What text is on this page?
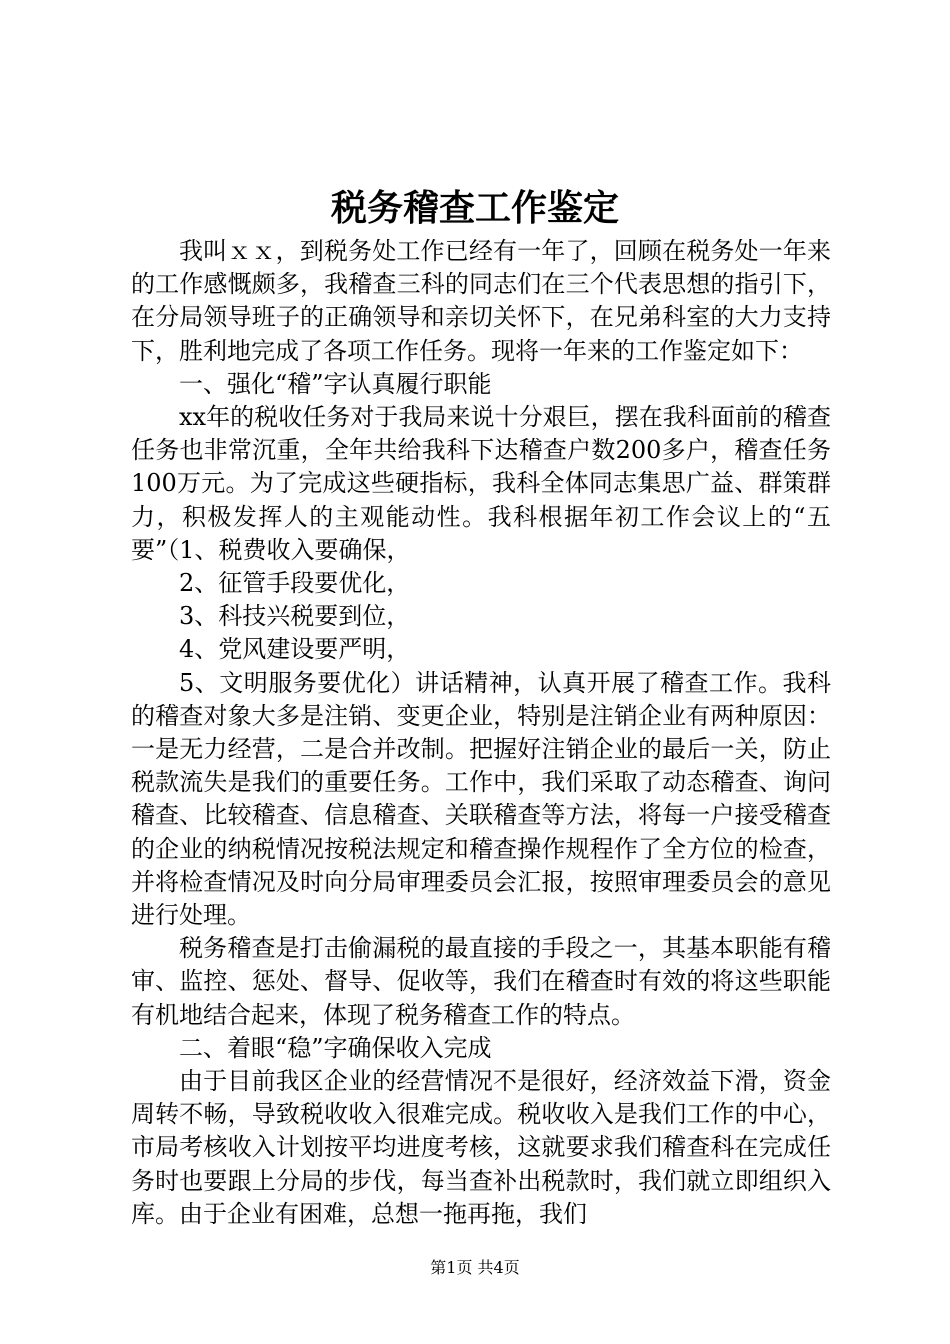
税务稽查工作鉴定

我叫ｘｘ，到税务处工作已经有一年了，回顾在税务处一年来的工作感慨颇多，我稽查三科的同志们在三个代表思想的指引下，在分局领导班子的正确领导和亲切关怀下，在兄弟科室的大力支持下，胜利地完成了各项工作任务。现将一年来的工作鉴定如下：

一、强化“稽”字认真履行职能

xx年的税收任务对于我局来说十分艰巨，摆在我科面前的稽查任务也非常沉重，全年共给我科下达稽查户数200多户，稽查任务100万元。为了完成这些硬指标，我科全体同志集思广益、群策群力，积极发挥人的主观能动性。我科根据年初工作会议上的“五要”（1、税费收入要确保，

2、征管手段要优化，

3、科技兴税要到位，

4、党风建设要严明，

5、文明服务要优化）讲话精神，认真开展了稽查工作。我科的稽查对象大多是注销、变更企业，特别是注销企业有两种原因：一是无力经营，二是合并改制。把握好注销企业的最后一关，防止税款流失是我们的重要任务。工作中，我们采取了动态稽查、询问稽查、比较稽查、信息稽查、关联稽查等方法，将每一户接受稽查的企业的纳税情况按税法规定和稽查操作规程作了全方位的检查，并将检查情况及时向分局审理委员会汇报，按照审理委员会的意见进行处理。

税务稽查是打击偷漏税的最直接的手段之一，其基本职能有稽审、监控、惩处、督导、促收等，我们在稽查时有效的将这些职能有机地结合起来，体现了税务稽查工作的特点。

二、着眼“稳”字确保收入完成

由于目前我区企业的经营情况不是很好，经济效益下滑，资金周转不畅，导致税收收入很难完成。税收收入是我们工作的中心，市局考核收入计划按平均进度考核，这就要求我们稽查科在完成任务时也要跟上分局的步伐，每当查补出税款时，我们就立即组织入库。由于企业有困难，总想一拖再拖，我们

第1页 共4页
